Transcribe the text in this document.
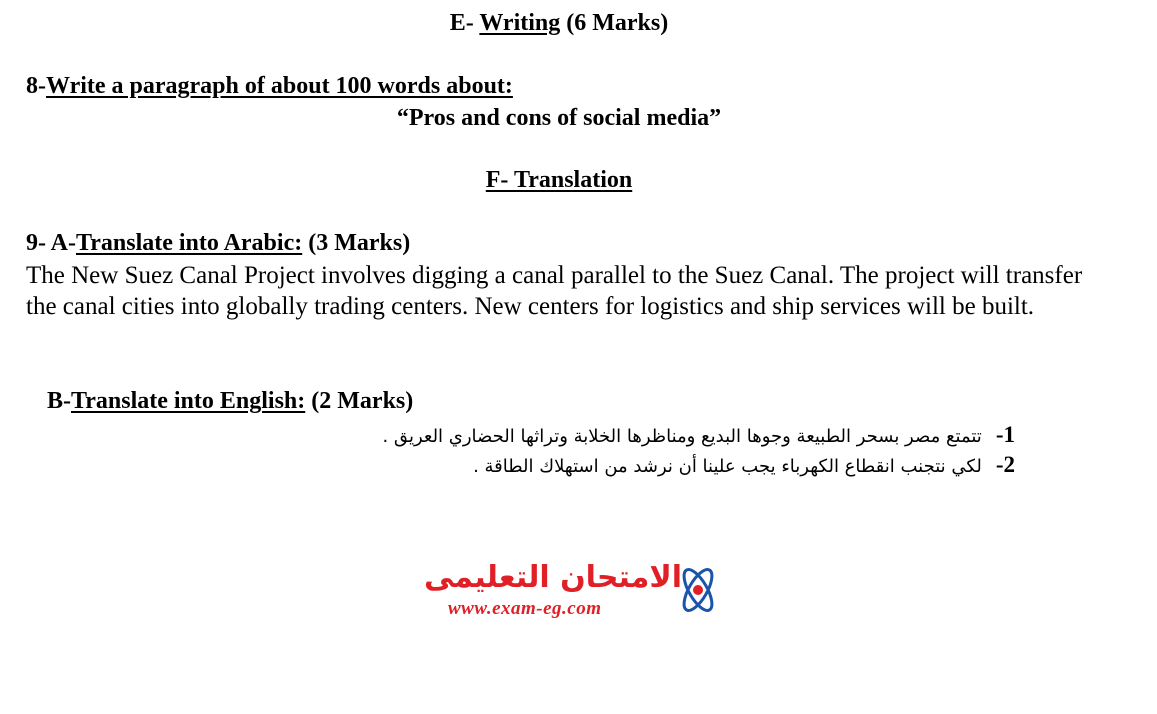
E- Writing (6 Marks)
8-Write a paragraph of about 100 words about:
“Pros and cons of social media”
F- Translation
9- A-Translate into Arabic: (3 Marks)
The New Suez Canal Project involves digging a canal parallel to the Suez Canal. The project will transfer the canal cities into globally trading centers. New centers for logistics and ship services will be built.
B-Translate into English: (2 Marks)
1-تتمتع مصر بسحر الطبيعة وجوها البديع ومناظرها الخلابة وتراثها الحضاري العريق .
2-لكي نتجنب انقطاع الكهرباء يجب علينا أن نرشد من استهلاك الطاقة .
الامتحان التعليمى
www.exam-eg.com
